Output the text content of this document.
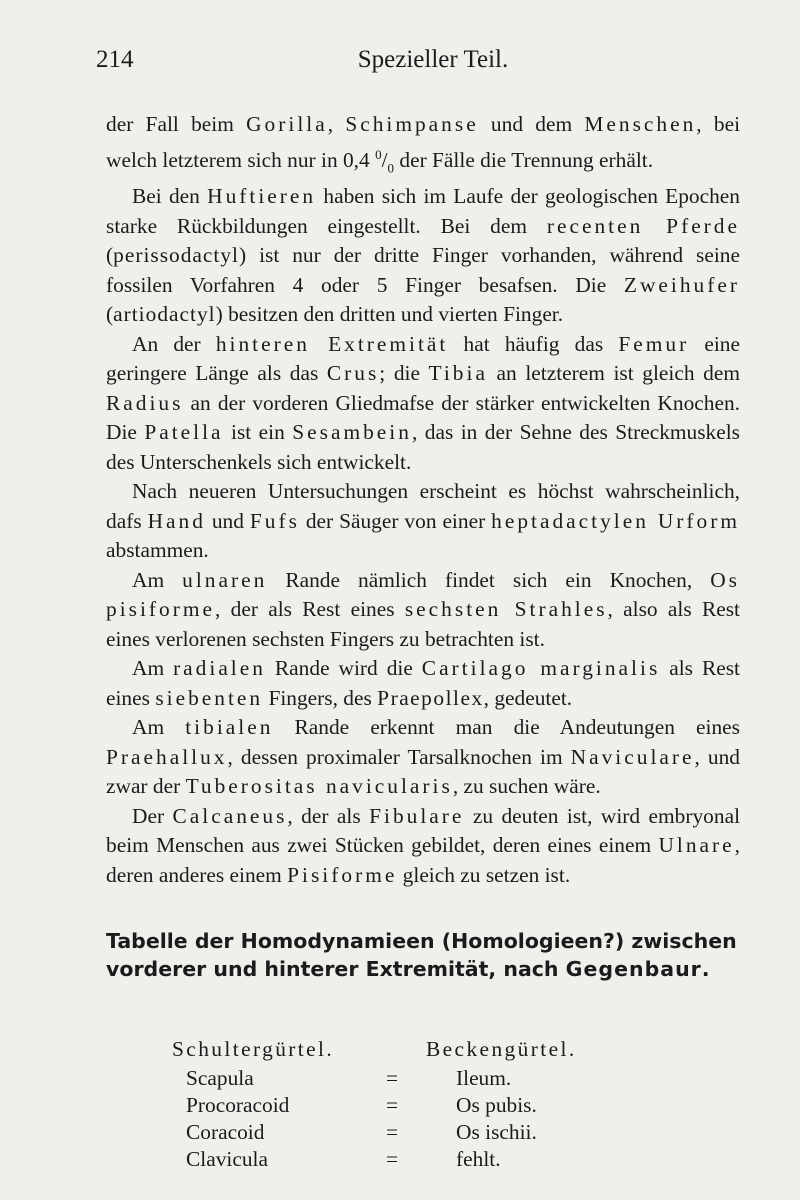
214	Spezieller Teil.

der Fall beim Gorilla, Schimpanse und dem Menschen, bei welch letzterem sich nur in 0,4 $^0/_0$ der Fälle die Trennung erhält.

Bei den Huftieren haben sich im Laufe der geologischen Epochen starke Rückbildungen eingestellt. Bei dem recenten Pferde (perissodactyl) ist nur der dritte Finger vorhanden, während seine fossilen Vorfahren 4 oder 5 Finger besafsen. Die Zweihufer (artiodactyl) besitzen den dritten und vierten Finger.

An der hinteren Extremität hat häufig das Femur eine geringere Länge als das Crus; die Tibia an letzterem ist gleich dem Radius an der vorderen Gliedmafse der stärker entwickelten Knochen. Die Patella ist ein Sesambein, das in der Sehne des Streckmuskels des Unterschenkels sich entwickelt.

Nach neueren Untersuchungen erscheint es höchst wahrscheinlich, dafs Hand und Fufs der Säuger von einer heptadactylen Urform abstammen.

Am ulnaren Rande nämlich findet sich ein Knochen, Os pisiforme, der als Rest eines sechsten Strahles, also als Rest eines verlorenen sechsten Fingers zu betrachten ist.

Am radialen Rande wird die Cartilago marginalis als Rest eines siebenten Fingers, des Praepollex, gedeutet.

Am tibialen Rande erkennt man die Andeutungen eines Praehallux, dessen proximaler Tarsalknochen im Naviculare, und zwar der Tuberositas navicularis, zu suchen wäre.

Der Calcaneus, der als Fibulare zu deuten ist, wird embryonal beim Menschen aus zwei Stücken gebildet, deren eines einem Ulnare, deren anderes einem Pisiforme gleich zu setzen ist.

Tabelle der Homodynamieen (Homologieen?) zwischen vorderer und hinterer Extremität, nach Gegenbaur.
Schultergürtel.	Beckengürtel.
Scapula	=	Ileum.
Procoracoid	=	Os pubis.
Coracoid	=	Os ischii.
Clavicula	=	fehlt.
